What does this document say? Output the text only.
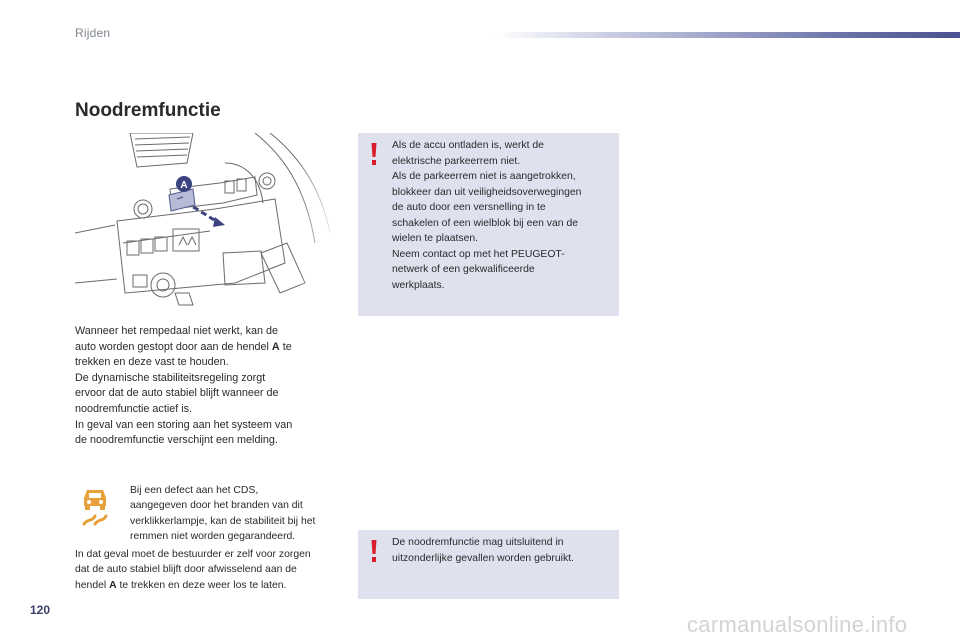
Rijden
Noodremfunctie
A
Wanneer het rempedaal niet werkt, kan de
auto worden gestopt door aan de hendel A te
trekken en deze vast te houden.
De dynamische stabiliteitsregeling zorgt
ervoor dat de auto stabiel blijft wanneer de
noodremfunctie actief is.
In geval van een storing aan het systeem van
de noodremfunctie verschijnt een melding.
Bij een defect aan het CDS,
aangegeven door het branden van dit
verklikkerlampje, kan de stabiliteit bij het
remmen niet worden gegarandeerd.
In dat geval moet de bestuurder er zelf voor zorgen
dat de auto stabiel blijft door afwisselend aan de
hendel A te trekken en deze weer los te laten.
Als de accu ontladen is, werkt de
elektrische parkeerrem niet.
Als de parkeerrem niet is aangetrokken,
blokkeer dan uit veiligheidsoverwegingen
de auto door een versnelling in te
schakelen of een wielblok bij een van de
wielen te plaatsen.
Neem contact op met het PEUGEOT-
netwerk of een gekwalificeerde
werkplaats.
De noodremfunctie mag uitsluitend in
uitzonderlijke gevallen worden gebruikt.
120
carmanualsonline.info
